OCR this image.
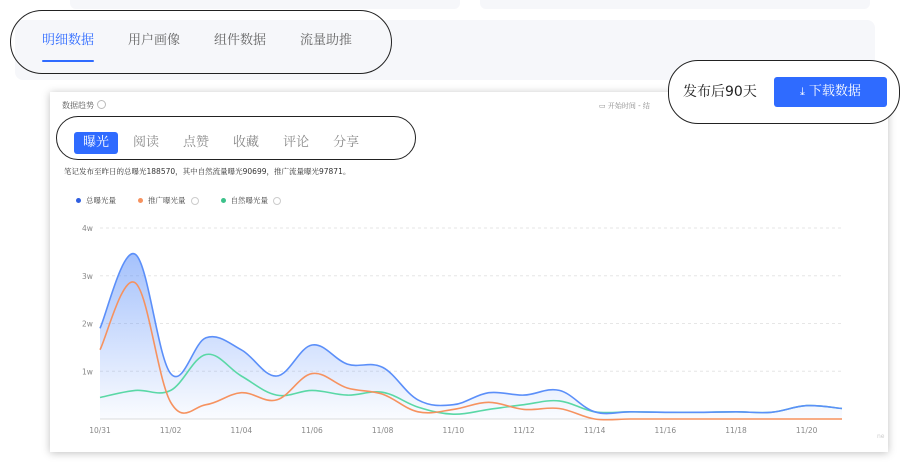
明细数据	用户画像	组件数据	流量助推
数据趋势	▭ 开始时间 - 结
曝光	阅读	点赞	收藏	评论	分享
笔记发布至昨日的总曝光188570，其中自然流量曝光90699，推广流量曝光97871。
总曝光量	推广曝光量	自然曝光量
1w
2w
3w
4w
10/31	11/02	11/04	11/06	11/08	11/10	11/12	11/14	11/16	11/18	11/20
发布后90天	⤓ 下载数据
ne
